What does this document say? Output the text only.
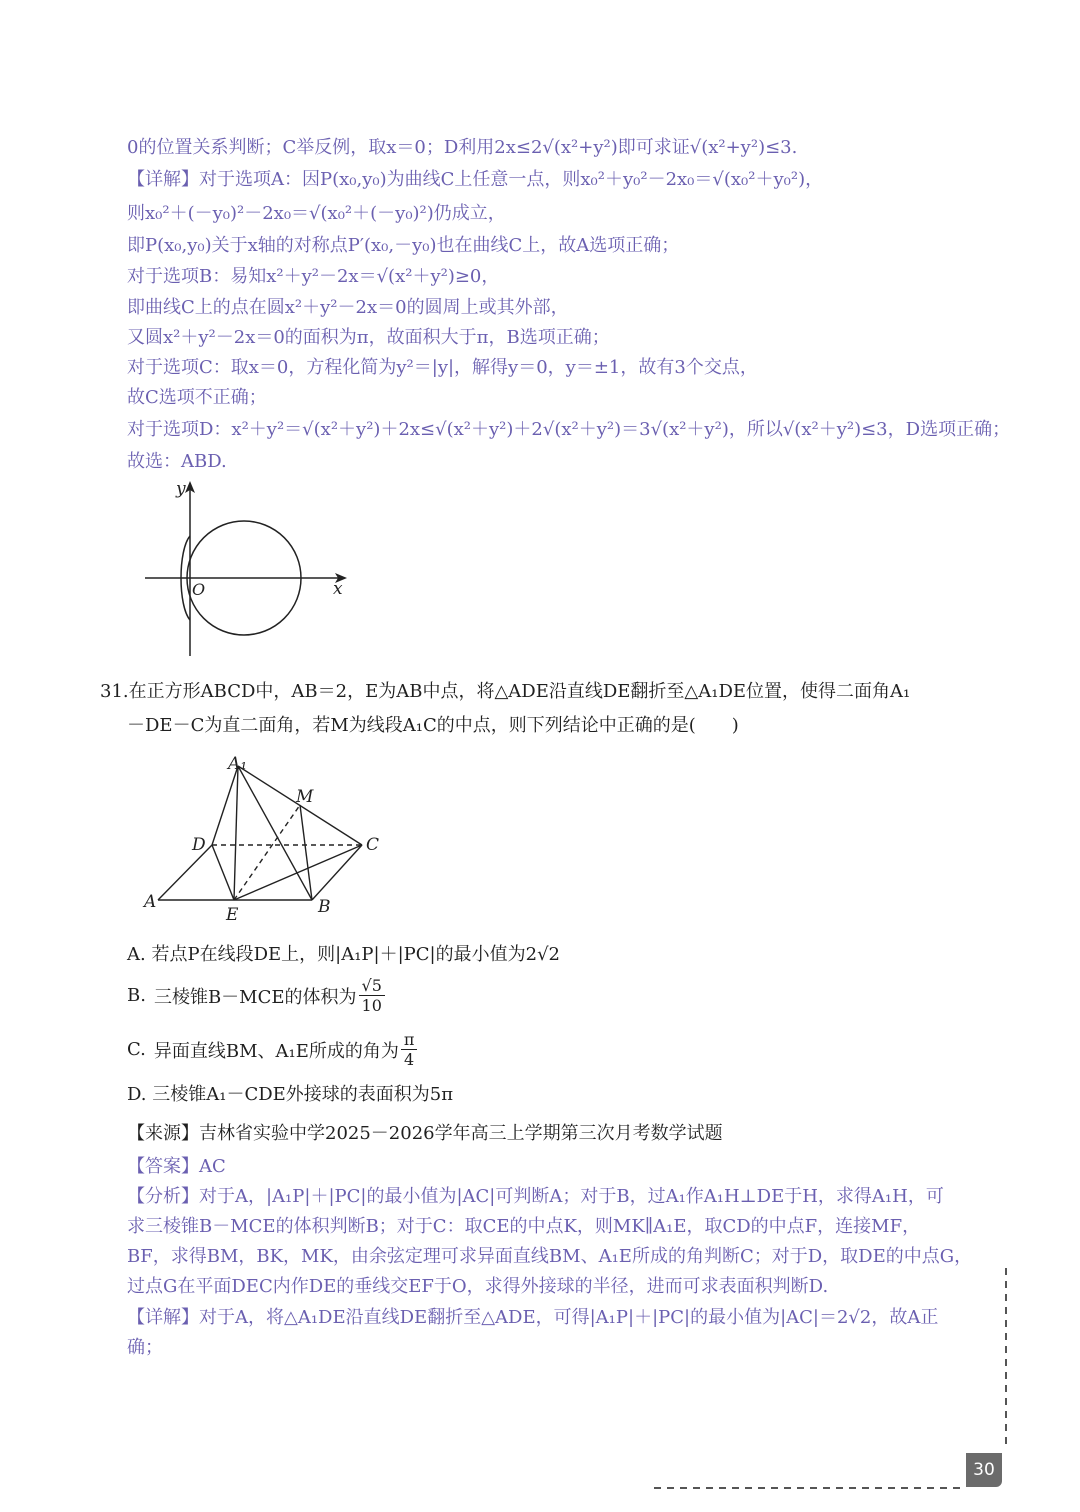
0的位置关系判断；C举反例，取x＝0；D利用2x≤2√(x²+y²)即可求证√(x²+y²)≤3.
【详解】对于选项A：因P(x₀,y₀)为曲线C上任意一点，则x₀²＋y₀²－2x₀＝√(x₀²＋y₀²)，
则x₀²＋(－y₀)²－2x₀＝√(x₀²＋(－y₀)²)仍成立，
即P(x₀,y₀)关于x轴的对称点P′(x₀,－y₀)也在曲线C上，故A选项正确；
对于选项B：易知x²＋y²－2x＝√(x²＋y²)≥0，
即曲线C上的点在圆x²＋y²－2x＝0的圆周上或其外部，
又圆x²＋y²－2x＝0的面积为π，故面积大于π，B选项正确；
对于选项C：取x＝0，方程化简为y²＝|y|，解得y＝0，y＝±1，故有3个交点，
故C选项不正确；
对于选项D：x²＋y²＝√(x²＋y²)＋2x≤√(x²＋y²)＋2√(x²＋y²)＝3√(x²＋y²)，所以√(x²＋y²)≤3，D选项正确；
故选：ABD.
y
x
O
31.在正方形ABCD中，AB＝2，E为AB中点，将△ADE沿直线DE翻折至△A₁DE位置，使得二面角A₁
－DE－C为直二面角，若M为线段A₁C的中点，则下列结论中正确的是(　　)
A₁
M
D	C
A
E	B
A. 若点P在线段DE上，则|A₁P|＋|PC|的最小值为2√2
B. 三棱锥B－MCE的体积为 $\frac{√5}{10}$
C. 异面直线BM、A₁E所成的角为 $\frac{\pi}{4}$
D. 三棱锥A₁－CDE外接球的表面积为5π
【来源】吉林省实验中学2025－2026学年高三上学期第三次月考数学试题
【答案】AC
【分析】对于A，|A₁P|＋|PC|的最小值为|AC|可判断A；对于B，过A₁作A₁H⊥DE于H，求得A₁H，可
求三棱锥B－MCE的体积判断B；对于C：取CE的中点K，则MK∥A₁E，取CD的中点F，连接MF，
BF，求得BM，BK，MK，由余弦定理可求异面直线BM、A₁E所成的角判断C；对于D，取DE的中点G，
过点G在平面DEC内作DE的垂线交EF于O，求得外接球的半径，进而可求表面积判断D.
【详解】对于A，将△A₁DE沿直线DE翻折至△ADE，可得|A₁P|＋|PC|的最小值为|AC|＝2√2，故A正
确；
30
